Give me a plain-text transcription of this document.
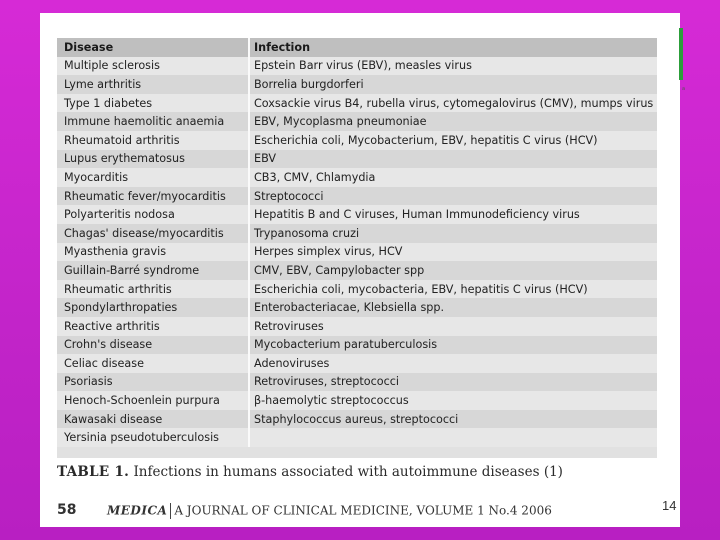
a
Disease	Infection
Multiple sclerosis	Epstein Barr virus (EBV), measles virus
Lyme arthritis	Borrelia burgdorferi
Type 1 diabetes	Coxsackie virus B4, rubella virus, cytomegalovirus (CMV), mumps virus
Immune haemolitic anaemia	EBV, Mycoplasma pneumoniae
Rheumatoid arthritis	Escherichia coli, Mycobacterium, EBV, hepatitis C virus (HCV)
Lupus erythematosus	EBV
Myocarditis	CB3, CMV, Chlamydia
Rheumatic fever/myocarditis	Streptococci
Polyarteritis nodosa	Hepatitis B and C viruses, Human Immunodeficiency virus
Chagas' disease/myocarditis	Trypanosoma cruzi
Myasthenia gravis	Herpes simplex virus, HCV
Guillain-Barré syndrome	CMV, EBV, Campylobacter spp
Rheumatic arthritis	Escherichia coli, mycobacteria, EBV, hepatitis C virus (HCV)
Spondylarthropaties	Enterobacteriacae, Klebsiella spp.
Reactive arthritis	Retroviruses
Crohn's disease	Mycobacterium paratuberculosis
Celiac disease	Adenoviruses
Psoriasis	Retroviruses, streptococci
Henoch-Schoenlein purpura	β-haemolytic streptococcus
Kawasaki disease	Staphylococcus aureus, streptococci
Yersinia pseudotuberculosis	
TABLE 1. Infections in humans associated with autoimmune diseases (1)
58	MEDICA A JOURNAL OF CLINICAL MEDICINE, VOLUME 1 No.4 2006	14
